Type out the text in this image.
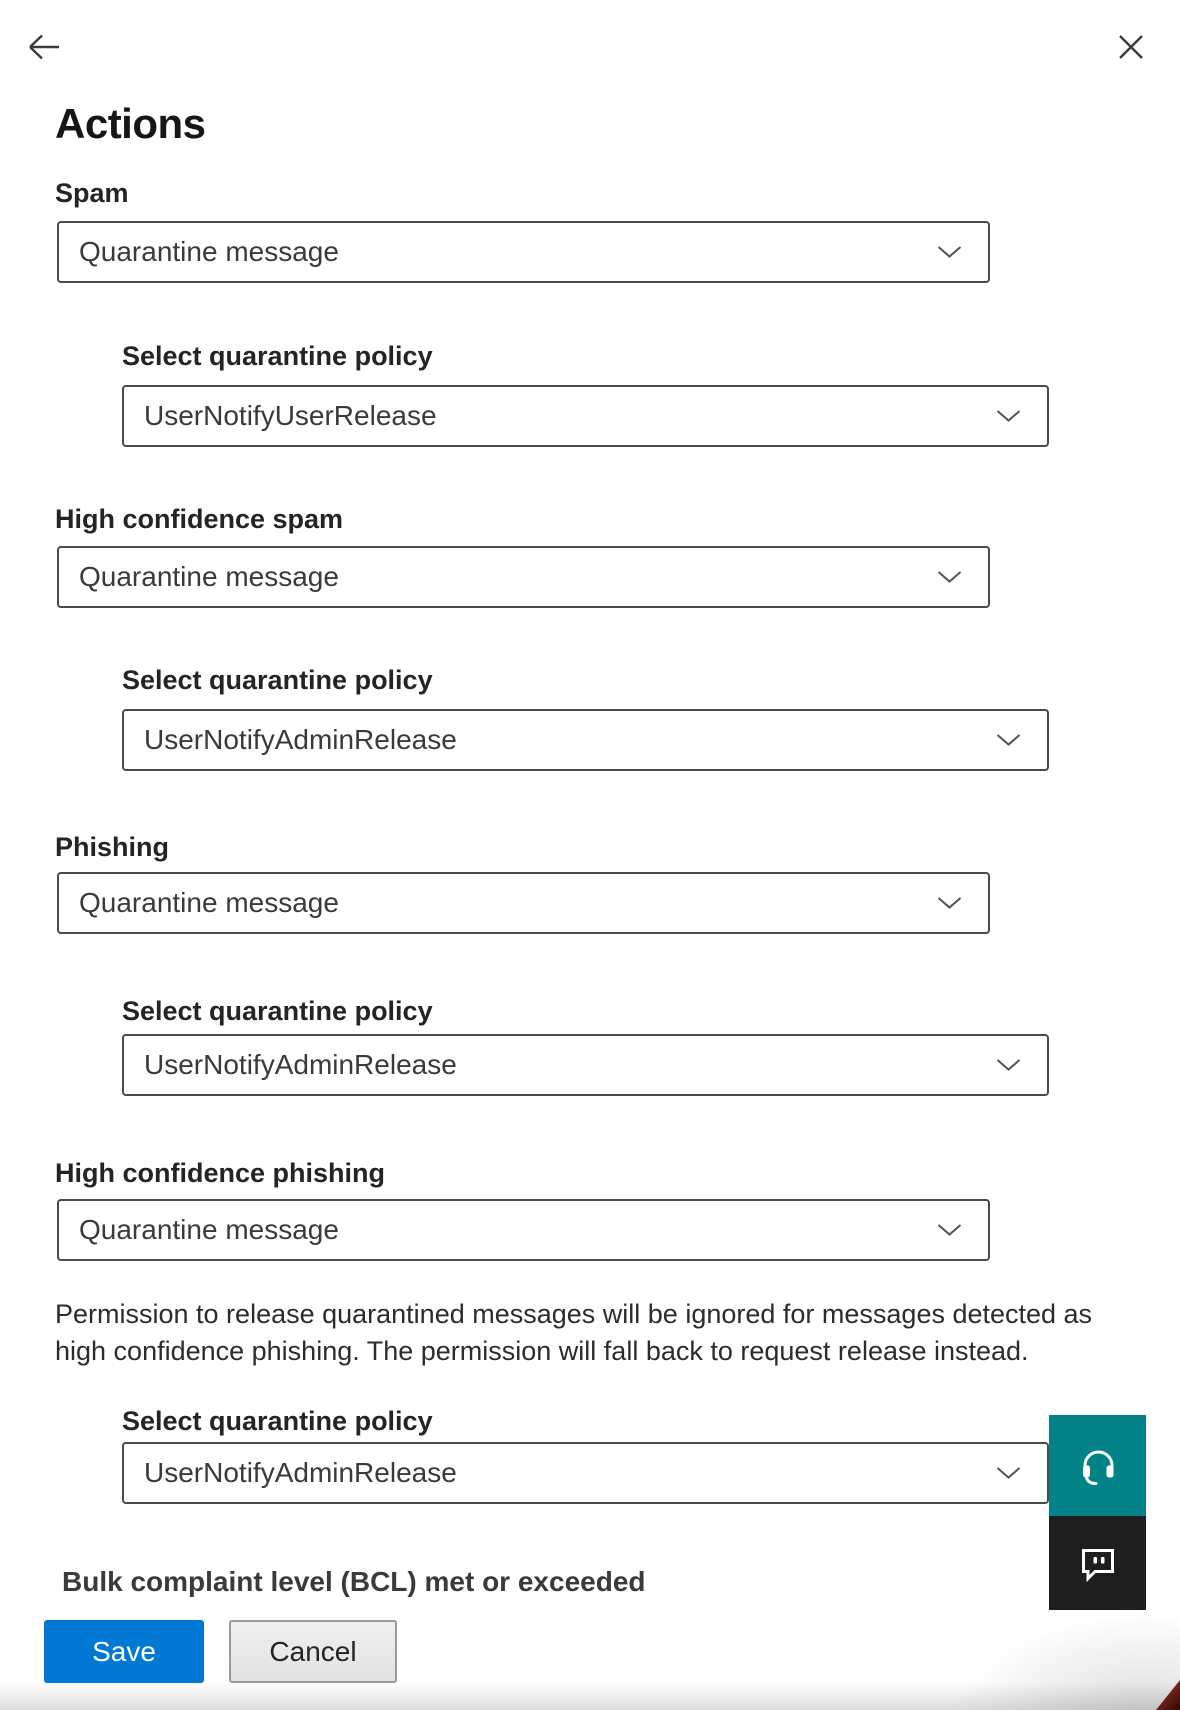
Actions
Spam
Quarantine message
Select quarantine policy
UserNotifyUserRelease
High confidence spam
Quarantine message
Select quarantine policy
UserNotifyAdminRelease
Phishing
Quarantine message
Select quarantine policy
UserNotifyAdminRelease
High confidence phishing
Quarantine message

Permission to release quarantined messages will be ignored for messages detected as high confidence phishing. The permission will fall back to request release instead.

Select quarantine policy
UserNotifyAdminRelease
Bulk complaint level (BCL) met or exceeded
Save	Cancel
